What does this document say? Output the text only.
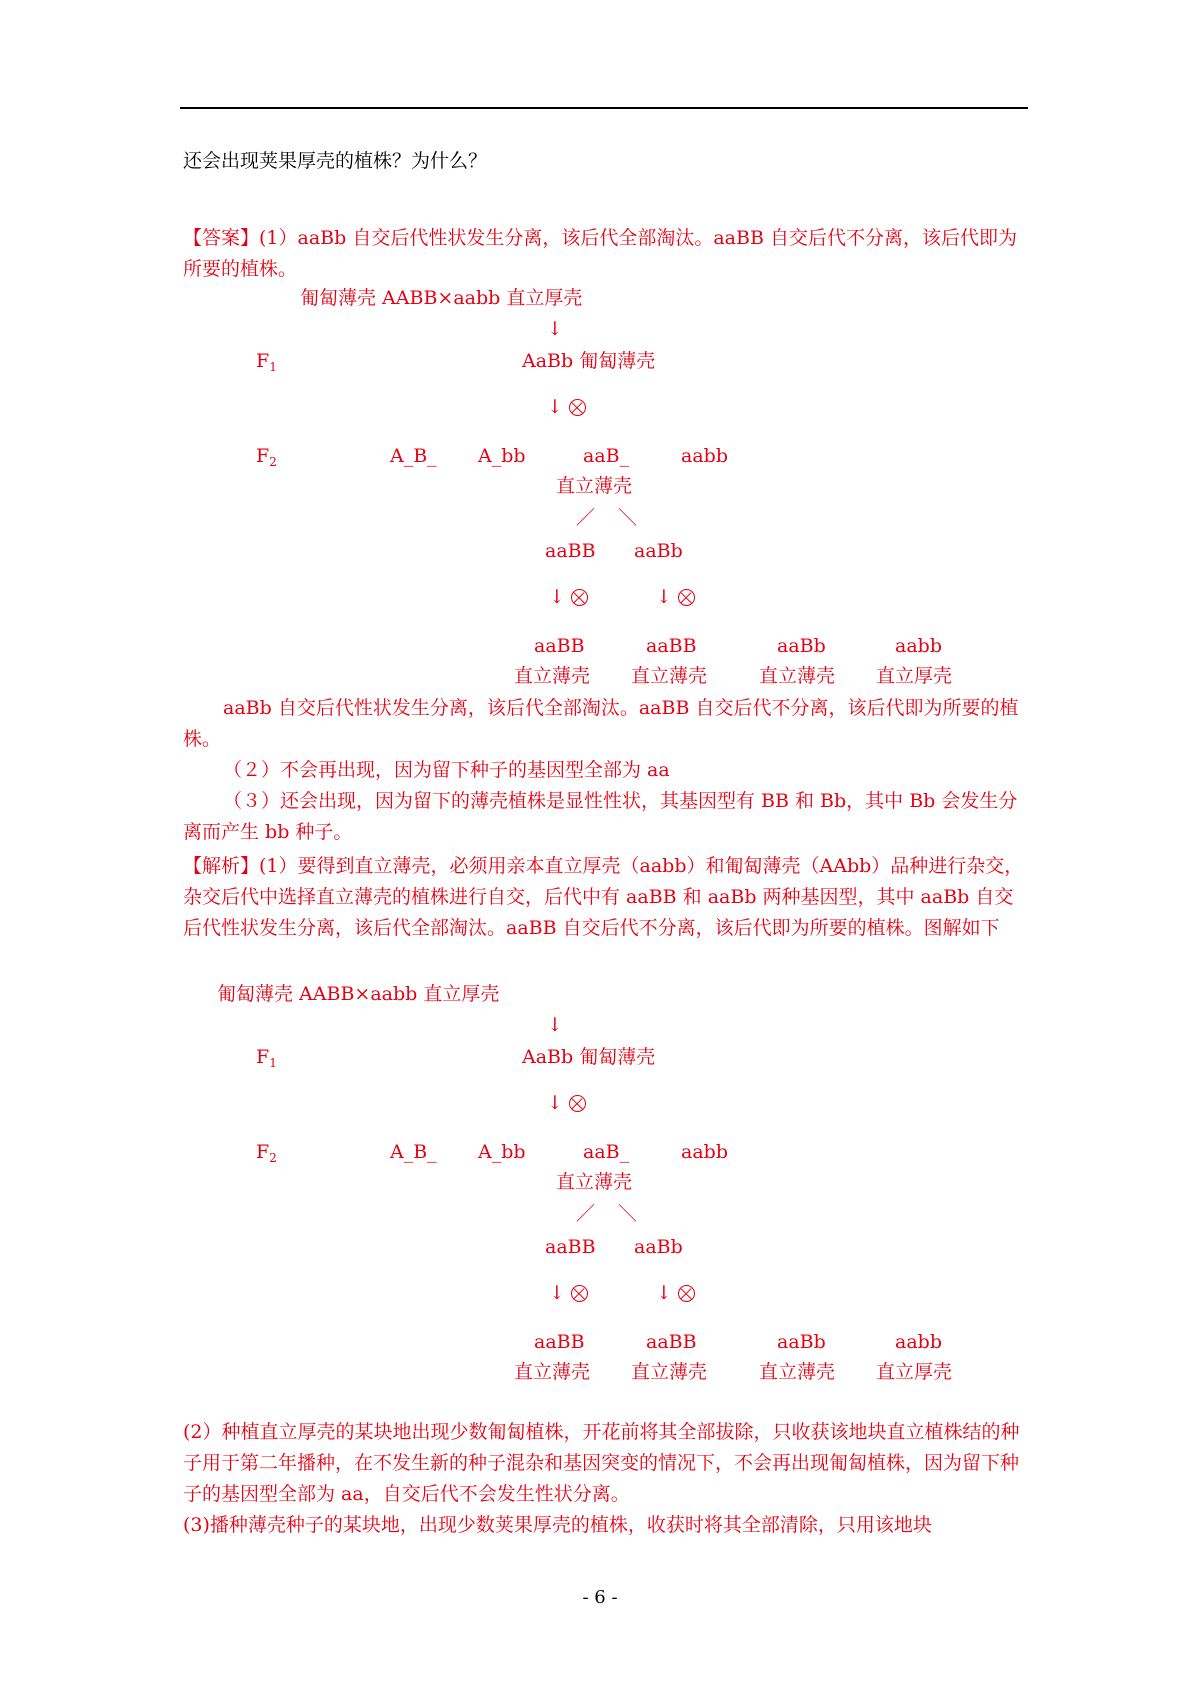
还会出现荚果厚壳的植株？为什么？

【答案】(1）aaBb 自交后代性状发生分离，该后代全部淘汰。aaBB 自交后代不分离，该后代即为所要的植株。

匍匐薄壳 AABB×aabb 直立厚壳
↓
$F_1$	AaBb 匍匐薄壳
↓
$F_2$	A_B_ A_bb	aaB_	aabb
直立薄壳
／ ＼
aaBB aaBb
↓	↓
aaBB	aaBB	aaBb	aabb
直立薄壳 直立薄壳	直立薄壳 直立厚壳

aaBb 自交后代性状发生分离，该后代全部淘汰。aaBB 自交后代不分离，该后代即为所要的植株。

（２）不会再出现，因为留下种子的基因型全部为 aa

（３）还会出现，因为留下的薄壳植株是显性性状，其基因型有 BB 和 Bb，其中 Bb 会发生分离而产生 bb 种子。

【解析】(1）要得到直立薄壳，必须用亲本直立厚壳（aabb）和匍匐薄壳（AAbb）品种进行杂交，杂交后代中选择直立薄壳的植株进行自交，后代中有 aaBB 和 aaBb 两种基因型，其中 aaBb 自交后代性状发生分离，该后代全部淘汰。aaBB 自交后代不分离，该后代即为所要的植株。图解如下

匍匐薄壳 AABB×aabb 直立厚壳
↓
$F_1$	AaBb 匍匐薄壳
↓
$F_2$	A_B_ A_bb	aaB_	aabb
直立薄壳
／ ＼
aaBB aaBb
↓	↓
aaBB	aaBB	aaBb	aabb
直立薄壳 直立薄壳	直立薄壳 直立厚壳

(2）种植直立厚壳的某块地出现少数匍匐植株，开花前将其全部拔除，只收获该地块直立植株结的种子用于第二年播种，在不发生新的种子混杂和基因突变的情况下，不会再出现匍匐植株，因为留下种子的基因型全部为 aa，自交后代不会发生性状分离。

(3)播种薄壳种子的某块地，出现少数荚果厚壳的植株，收获时将其全部清除，只用该地块

- 6 -
